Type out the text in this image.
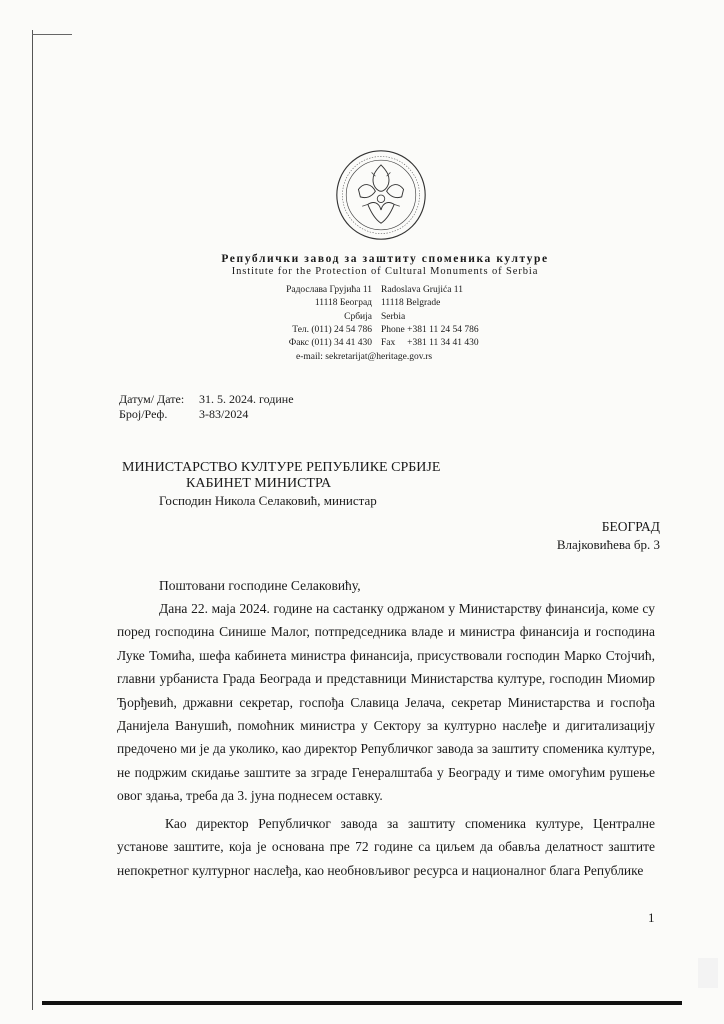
Републички завод за заштиту споменика културе
Institute for the Protection of Cultural Monuments of Serbia
Радослава Грујића 11
11118 Београд
Србија
Тел. (011) 24 54 786
Факс (011) 34 41 430
Radoslava Grujića 11
11118 Belgrade
Serbia
Phone +381 11 24 54 786
Fax     +381 11 34 41 430
e-mail: sekretarijat@heritage.gov.rs
Датум/ Дате: 31. 5. 2024. године
Број/Реф.	3-83/2024
МИНИСТАРСТВО КУЛТУРЕ РЕПУБЛИКЕ СРБИЈЕ
КАБИНЕТ МИНИСТРА
Господин Никола Селаковић, министар
БЕОГРАД
Влајковићева бр. 3
Поштовани господине Селаковићу,

Дана 22. маја 2024. године на састанку одржаном у Министарству финансија, коме су поред господина Синише Малог, потпредседника владе и министра финансија и господина Луке Томића, шефа кабинета министра финансија, присуствовали господин Марко Стојчић, главни урбаниста Града Београда и представници Министарства културе, господин Миомир Ђорђевић, државни секретар, госпођа Славица Јелача, секретар Министарства и госпођа Данијела Ванушић, помоћник министра у Сектору за културно наслеђе и дигитализацију предочено ми је да уколико, као директор Републичког завода за заштиту споменика културе, не подржим скидање заштите за зграде Генералштаба у Београду и тиме омогућим рушење овог здања, треба да 3. јуна поднесем оставку.

Као директор Републичког завода за заштиту споменика културе, Централне установе заштите, која је основана пре 72 године са циљем да обавља делатност заштите непокретног културног наслеђа, као необновљивог ресурса и националног блага Републике

1
